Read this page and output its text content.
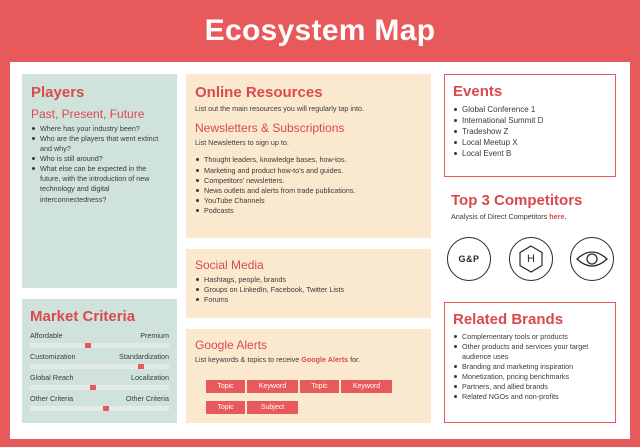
Ecosystem Map
Players
Past, Present, Future
Where has your industry been?
Who are the players that went extinct and why?
Who is still around?
What else can be expected in the future, with the introduction of new technology and digital interconnectedness?
Market Criteria
Affordable	Premium
Customization	Standardization
Global Reach	Localization
Other Criteria	Other Criteria
Online Resources
List out the main resources you will regularly tap into.
Newsletters & Subscriptions
List Newsletters to sign up to.
Thought leaders, knowledge bases, how-tos.
Marketing and product how-to's and guides.
Competitors' newsletters.
News outlets and alerts from trade publications.
YouTube Channels
Podcasts
Social Media
Hashtags, people, brands
Groups on LinkedIn, Facebook, Twitter Lists
Forums
Google Alerts
List keywords & topics to receive Google Alerts for.
Topic	Keyword	Topic	Keyword
Topic	Subject
Events
Global Conference 1
International Summit D
Tradeshow Z
Local Meetup X
Local Event B
Top 3 Competitors
Analysis of Direct Competitors here.
G&P	H
Related Brands
Complementary tools or products
Other products and services your target audience uses
Branding and marketing inspiration
Monetization, pricing benchmarks
Partners, and allied brands
Related NGOs and non-profits
